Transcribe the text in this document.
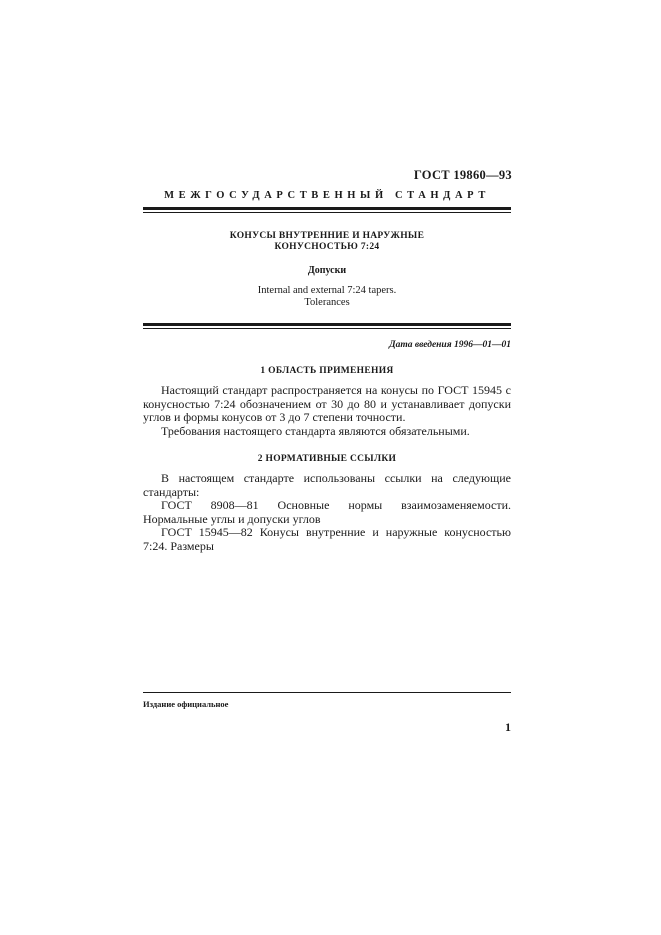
ГОСТ 19860—93
МЕЖГОСУДАРСТВЕННЫЙ СТАНДАРТ
КОНУСЫ ВНУТРЕННИЕ И НАРУЖНЫЕ
КОНУСНОСТЬЮ 7:24
Допуски
Internal and external 7:24 tapers.
Tolerances
Дата введения 1996—01—01
1 ОБЛАСТЬ ПРИМЕНЕНИЯ
Настоящий стандарт распространяется на конусы по ГОСТ 15945 с конусностью 7:24 обозначением от 30 до 80 и устанавливает допуски углов и формы конусов от 3 до 7 степени точности.
Требования настоящего стандарта являются обязательными.
2 НОРМАТИВНЫЕ ССЫЛКИ
В настоящем стандарте использованы ссылки на следующие стандарты:
ГОСТ 8908—81 Основные нормы взаимозаменяемости. Нормальные углы и допуски углов
ГОСТ 15945—82 Конусы внутренние и наружные конусностью 7:24. Размеры
Издание официальное
1
